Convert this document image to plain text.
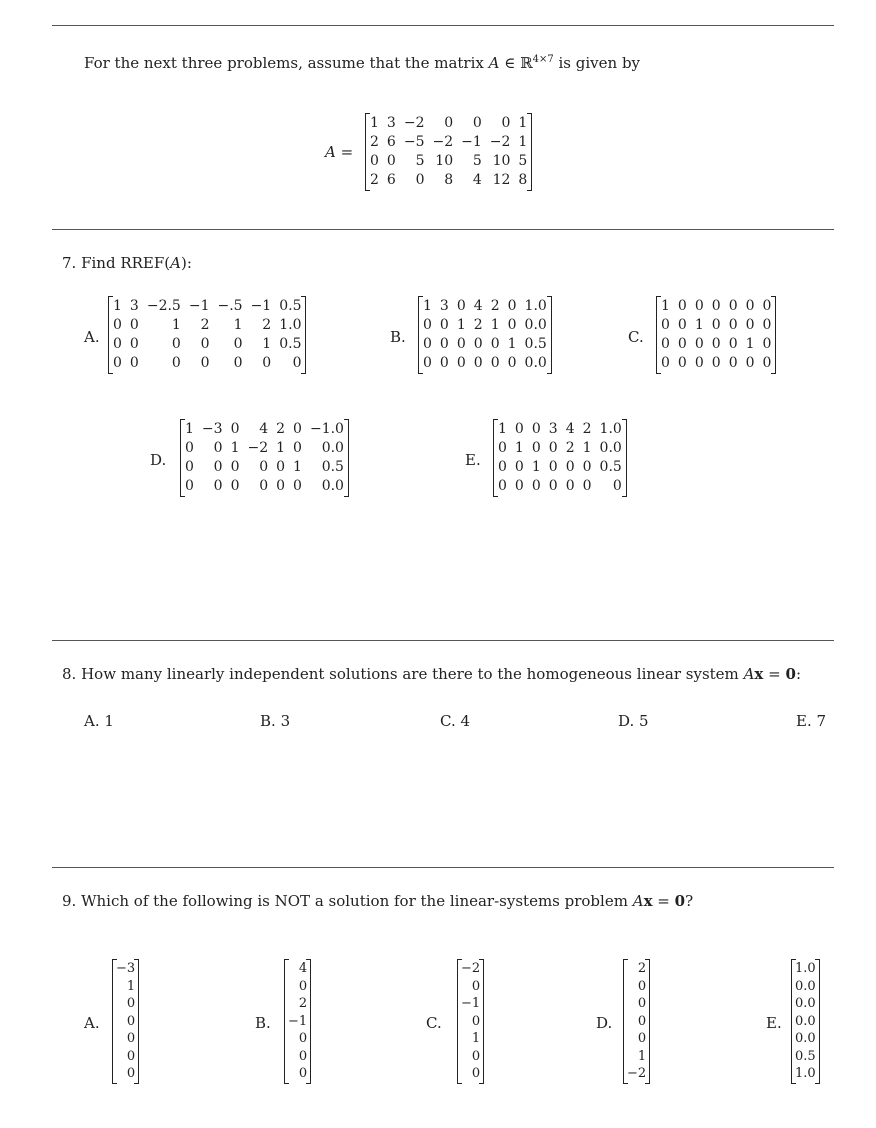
For the next three problems, assume that the matrix A ∈ ℝ$^{4\times 7}$ is given by
A =
1	3	−2	0	0	0	1
2	6	−5	−2	−1	−2	1
0	0	5	10	5	10	5
2	6	0	8	4	12	8
7. Find RREF(A):
A.
1	3	−2.5	−1	−.5	−1	0.5
0	0	1	2	1	2	1.0
0	0	0	0	0	1	0.5
0	0	0	0	0	0	0
B.
1	3	0	4	2	0	1.0
0	0	1	2	1	0	0.0
0	0	0	0	0	1	0.5
0	0	0	0	0	0	0.0
C.
1	0	0	0	0	0	0
0	0	1	0	0	0	0
0	0	0	0	0	1	0
0	0	0	0	0	0	0
D.
1	−3	0	4	2	0	−1.0
0	0	1	−2	1	0	0.0
0	0	0	0	0	1	0.5
0	0	0	0	0	0	0.0
E.
1	0	0	3	4	2	1.0
0	1	0	0	2	1	0.0
0	0	1	0	0	0	0.5
0	0	0	0	0	0	0
8. How many linearly independent solutions are there to the homogeneous linear system Ax = 0:
A. 1	B. 3	C. 4	D. 5	E. 7
9. Which of the following is NOT a solution for the linear-systems problem Ax = 0?
A.
−3
1
0
0
0
0
0
B.
4
0
2
−1
0
0
0
C.
−2
0
−1
0
1
0
0
D.
2
0
0
0
0
1
−2
E.
1.0
0.0
0.0
0.0
0.0
0.5
1.0
